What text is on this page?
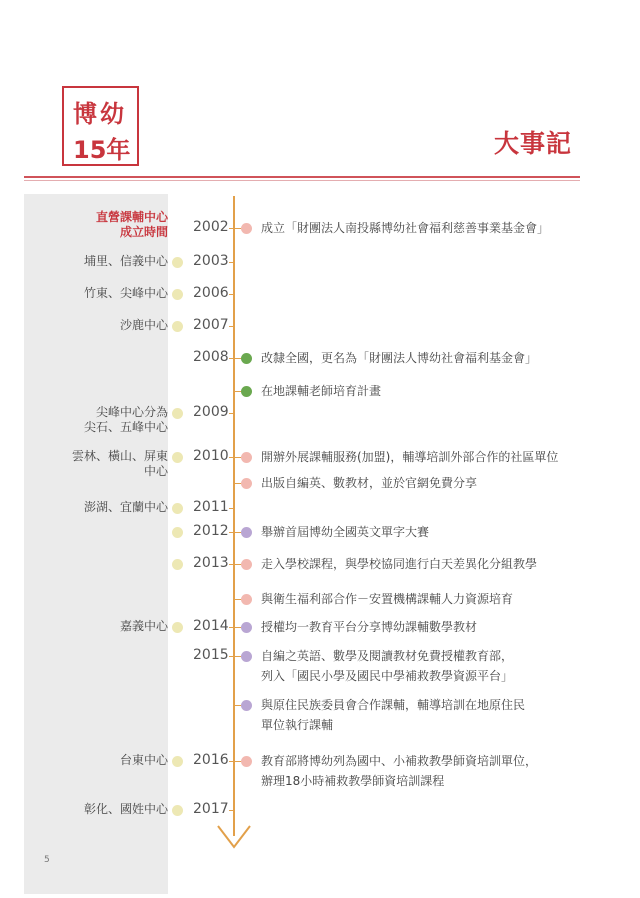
博幼
15年	大事記
直營課輔中心
成立時間
埔里、信義中心
竹東、尖峰中心
沙鹿中心
尖峰中心分為
尖石、五峰中心
雲林、橫山、屏東
中心
澎湖、宜蘭中心
嘉義中心
台東中心
彰化、國姓中心
2002
2003
2006
2007
2008
2009
2010
2011
2012
2013
2014
2015
2016
2017
成立「財團法人南投縣博幼社會福利慈善事業基金會」
改隸全國，更名為「財團法人博幼社會福利基金會」
在地課輔老師培育計畫
開辦外展課輔服務(加盟)，輔導培訓外部合作的社區單位
出版自編英、數教材，並於官網免費分享
舉辦首屆博幼全國英文單字大賽
走入學校課程，與學校協同進行白天差異化分組教學
與衛生福利部合作－安置機構課輔人力資源培育
授權均一教育平台分享博幼課輔數學教材
自編之英語、數學及閱讀教材免費授權教育部，
列入「國民小學及國民中學補救教學資源平台」
與原住民族委員會合作課輔，輔導培訓在地原住民
單位執行課輔
教育部將博幼列為國中、小補救教學師資培訓單位，
辦理18小時補救教學師資培訓課程
5
